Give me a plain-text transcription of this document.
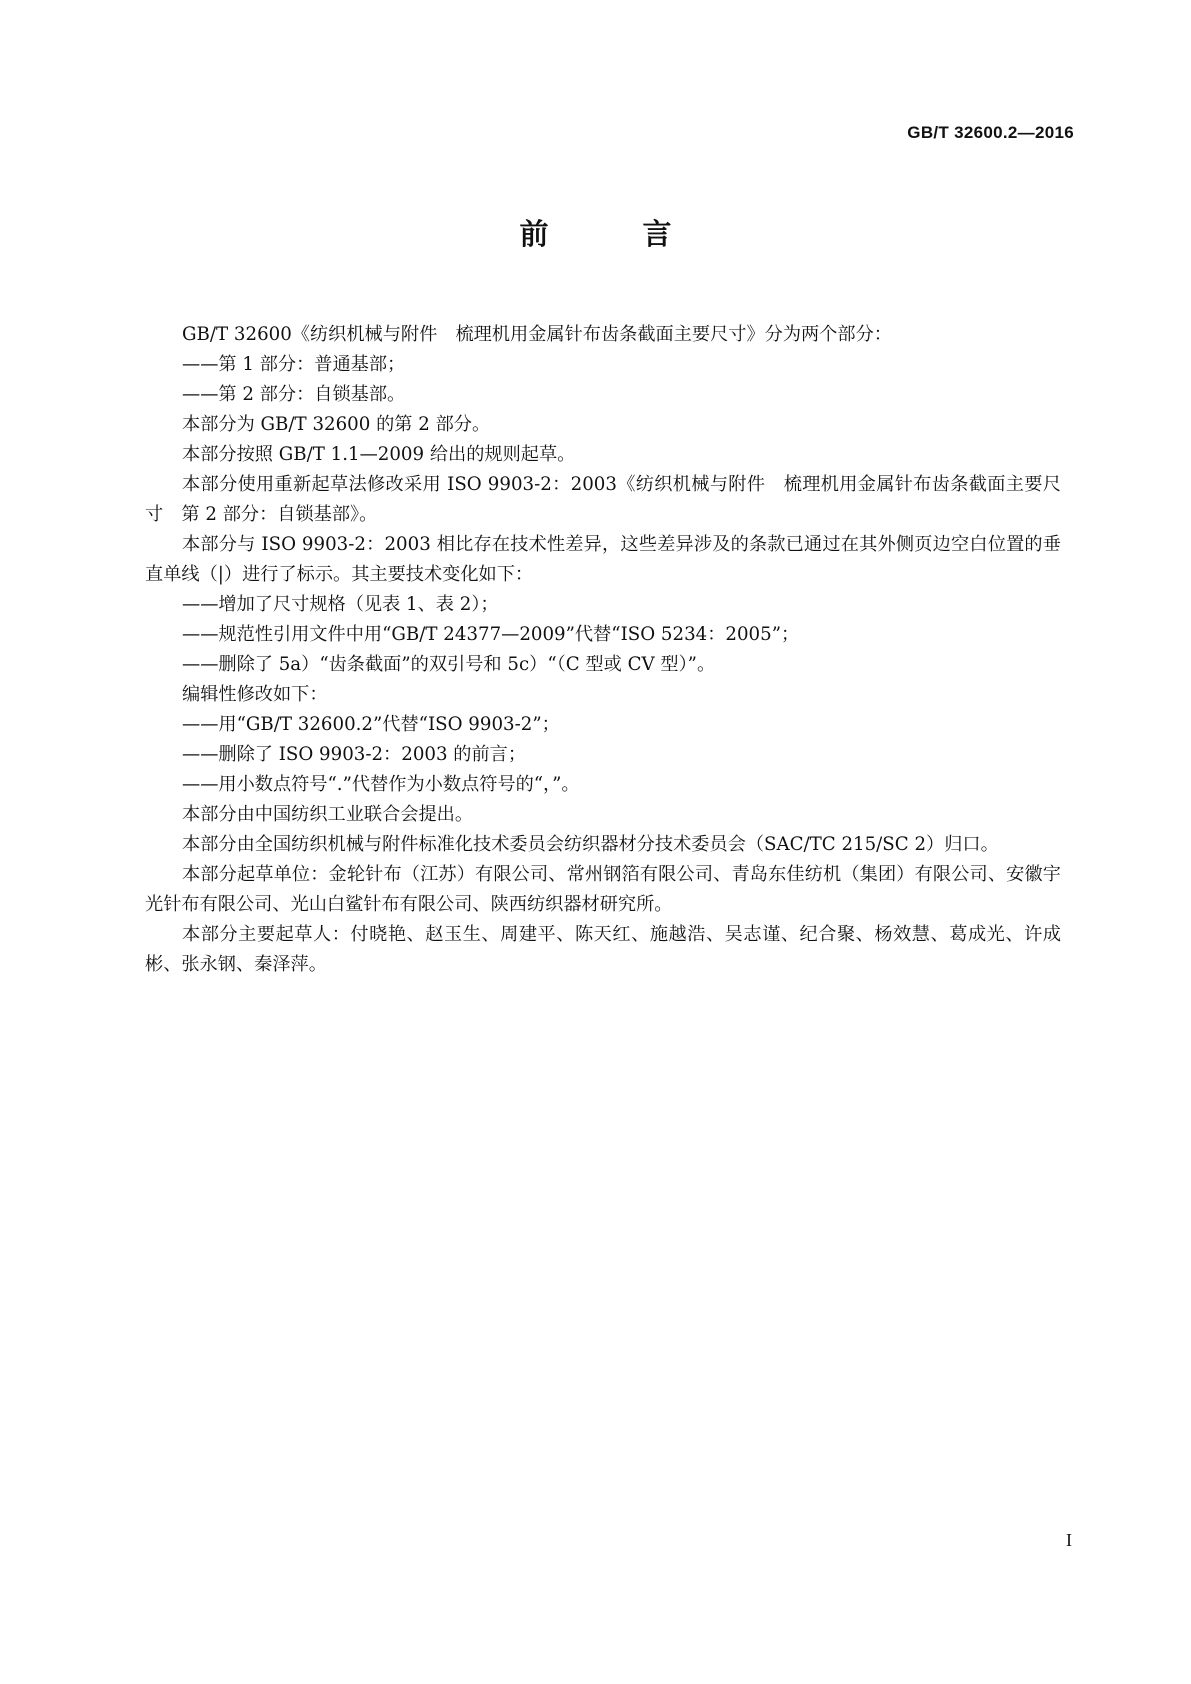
GB/T 32600.2—2016
前 言

GB/T 32600《纺织机械与附件　梳理机用金属针布齿条截面主要尺寸》分为两个部分：

——第 1 部分：普通基部；

——第 2 部分：自锁基部。

本部分为 GB/T 32600 的第 2 部分。

本部分按照 GB/T 1.1—2009 给出的规则起草。

本部分使用重新起草法修改采用 ISO 9903-2：2003《纺织机械与附件　梳理机用金属针布齿条截面主要尺寸　第 2 部分：自锁基部》。

本部分与 ISO 9903-2：2003 相比存在技术性差异，这些差异涉及的条款已通过在其外侧页边空白位置的垂直单线（|）进行了标示。其主要技术变化如下：

——增加了尺寸规格（见表 1、表 2）；

——规范性引用文件中用“GB/T 24377—2009”代替“ISO 5234：2005”；

——删除了 5a）“齿条截面”的双引号和 5c）“（C 型或 CV 型）”。

编辑性修改如下：

——用“GB/T 32600.2”代替“ISO 9903-2”；

——删除了 ISO 9903-2：2003 的前言；

——用小数点符号“.”代替作为小数点符号的“，”。

本部分由中国纺织工业联合会提出。

本部分由全国纺织机械与附件标准化技术委员会纺织器材分技术委员会（SAC/TC 215/SC 2）归口。

本部分起草单位：金轮针布（江苏）有限公司、常州钢箔有限公司、青岛东佳纺机（集团）有限公司、安徽宇光针布有限公司、光山白鲨针布有限公司、陕西纺织器材研究所。

本部分主要起草人：付晓艳、赵玉生、周建平、陈天红、施越浩、吴志谨、纪合聚、杨效慧、葛成光、许成彬、张永钢、秦泽萍。

I
